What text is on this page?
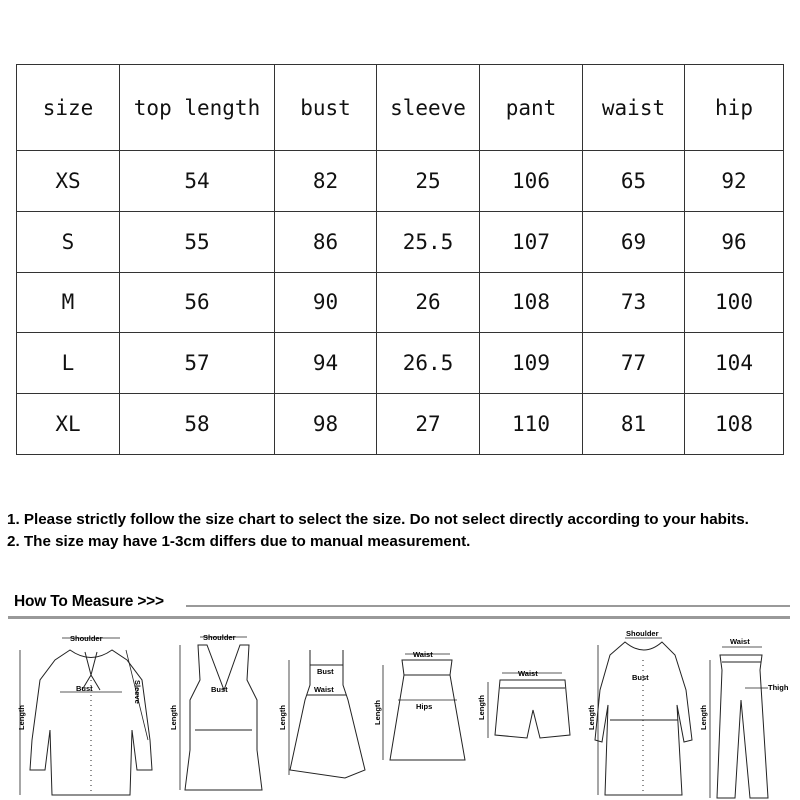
size	top length	bust	sleeve	pant	waist	hip
XS	54	82	25	106	65	92
S	55	86	25.5	107	69	96
M	56	90	26	108	73	100
L	57	94	26.5	109	77	104
XL	58	98	27	110	81	108

1. Please strictly follow the size chart to select the size. Do not select directly according to your habits.

2. The size may have 1-3cm differs due to manual measurement.

How To Measure >>>
Shoulder
Bust	Sleeve
Length
Shoulder
Bust
Length
Bust
Waist
Length
Waist
Hips
Length
Waist
Length
Shoulder
Bust
Length
Waist
Thigh
Length
